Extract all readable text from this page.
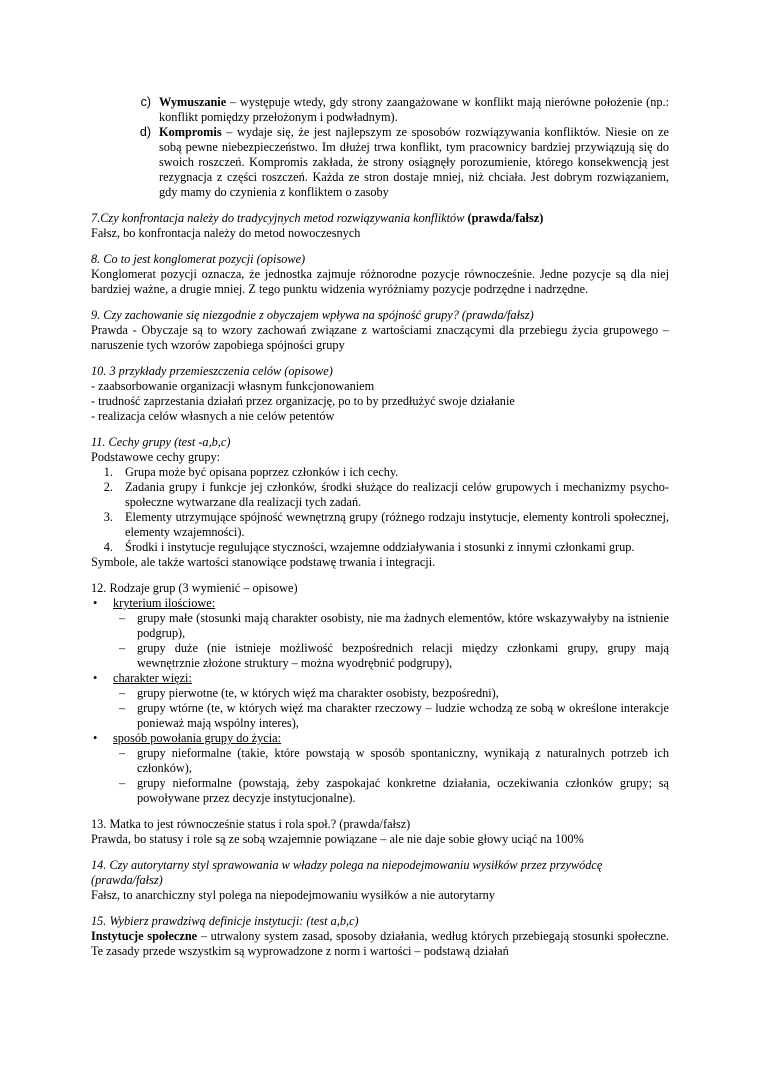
c) Wymuszanie – występuje wtedy, gdy strony zaangażowane w konflikt mają nierówne położenie (np.: konflikt pomiędzy przełożonym i podwładnym).
d) Kompromis – wydaje się, że jest najlepszym ze sposobów rozwiązywania konfliktów. Niesie on ze sobą pewne niebezpieczeństwo. Im dłużej trwa konflikt, tym pracownicy bardziej przywiązują się do swoich roszczeń. Kompromis zakłada, że strony osiągnęły porozumienie, którego konsekwencją jest rezygnacja z części roszczeń. Każda ze stron dostaje mniej, niż chciała. Jest dobrym rozwiązaniem, gdy mamy do czynienia z konfliktem o zasoby
7.Czy konfrontacja należy do tradycyjnych metod rozwiązywania konfliktów (prawda/fałsz)
Fałsz, bo konfrontacja należy do metod nowoczesnych
8. Co to jest konglomerat pozycji (opisowe)
Konglomerat pozycji oznacza, że jednostka zajmuje różnorodne pozycje równocześnie. Jedne pozycje są dla niej bardziej ważne, a drugie mniej. Z tego punktu widzenia wyróżniamy pozycje podrzędne i nadrzędne.
9. Czy zachowanie się niezgodnie z obyczajem wpływa na spójność grupy? (prawda/fałsz)
Prawda - Obyczaje są to wzory zachowań związane z wartościami znaczącymi dla przebiegu życia grupowego – naruszenie tych wzorów zapobiega spójności grupy
10. 3 przykłady przemieszczenia celów (opisowe)
- zaabsorbowanie organizacji własnym funkcjonowaniem
- trudność zaprzestania działań przez organizację, po to by przedłużyć swoje działanie
- realizacja celów własnych a nie celów petentów
11. Cechy grupy (test -a,b,c)
Podstawowe cechy grupy:
1. Grupa może być opisana poprzez członków i ich cechy.
2. Zadania grupy i funkcje jej członków, środki służące do realizacji celów grupowych i mechanizmy psycho-społeczne wytwarzane dla realizacji tych zadań.
3. Elementy utrzymujące spójność wewnętrzną grupy (różnego rodzaju instytucje, elementy kontroli społecznej, elementy wzajemności).
4. Środki i instytucje regulujące styczności, wzajemne oddziaływania i stosunki z innymi członkami grup.
Symbole, ale także wartości stanowiące podstawę trwania i integracji.
12. Rodzaje grup (3 wymienić – opisowe)
•	kryterium ilościowe:
– grupy małe (stosunki mają charakter osobisty, nie ma żadnych elementów, które wskazywałyby na istnienie podgrup),
– grupy duże (nie istnieje możliwość bezpośrednich relacji między członkami grupy, grupy mają wewnętrznie złożone struktury – można wyodrębnić podgrupy),
•	charakter więzi:
– grupy pierwotne (te, w których więź ma charakter osobisty, bezpośredni),
– grupy wtórne (te, w których więź ma charakter rzeczowy – ludzie wchodzą ze sobą w określone interakcje ponieważ mają wspólny interes),
•	sposób powołania grupy do życia:
– grupy nieformalne (takie, które powstają w sposób spontaniczny, wynikają z naturalnych potrzeb ich członków),
– grupy nieformalne (powstają, żeby zaspokajać konkretne działania, oczekiwania członków grupy; są powoływane przez decyzje instytucjonalne).
13. Matka to jest równocześnie status i rola społ.? (prawda/fałsz)
Prawda, bo statusy i role są ze sobą wzajemnie powiązane – ale nie daje sobie głowy uciąć na 100%
14. Czy autorytarny styl sprawowania w władzy polega na niepodejmowaniu wysiłków przez przywódcę (prawda/fałsz)
Fałsz, to anarchiczny styl polega na niepodejmowaniu wysiłków a nie autorytarny
15. Wybierz prawdziwą definicje instytucji: (test a,b,c)
Instytucje społeczne – utrwalony system zasad, sposoby działania, według których przebiegają stosunki społeczne. Te zasady przede wszystkim są wyprowadzone z norm i wartości – podstawą działań
